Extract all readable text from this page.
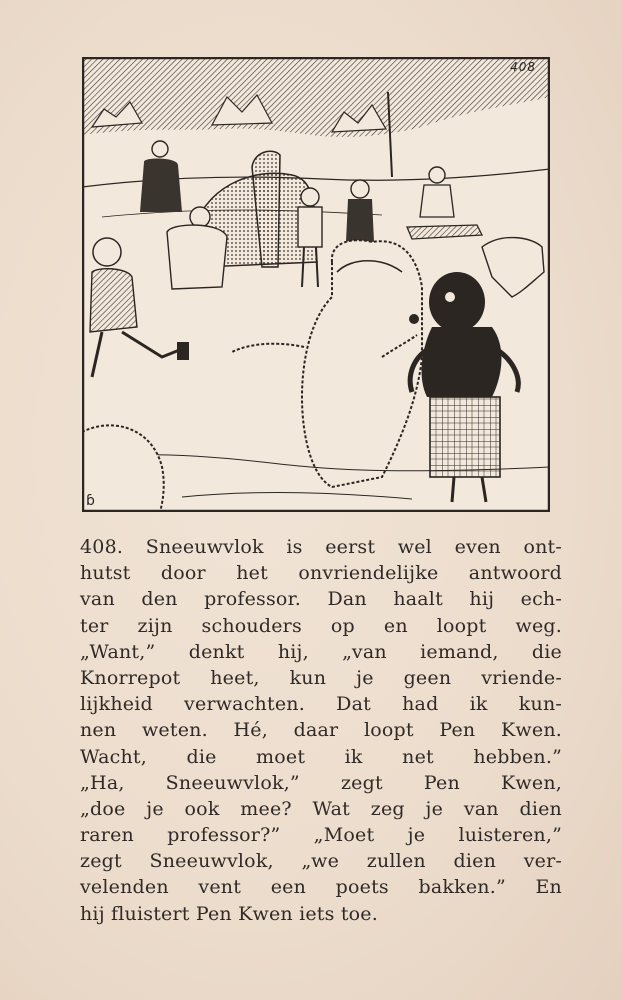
ɓ
408
408. Sneeuwvlok is eerst wel even ont-
hutst door het onvriendelijke antwoord
van den professor. Dan haalt hij ech-
ter zijn schouders op en loopt weg.
„Want,” denkt hij, „van iemand, die
Knorrepot heet, kun je geen vriende-
lijkheid verwachten. Dat had ik kun-
nen weten. Hé, daar loopt Pen Kwen.
Wacht, die moet ik net hebben.”
„Ha, Sneeuwvlok,” zegt Pen Kwen,
„doe je ook mee? Wat zeg je van dien
raren professor?” „Moet je luisteren,”
zegt Sneeuwvlok, „we zullen dien ver-
velenden vent een poets bakken.” En
hij fluistert Pen Kwen iets toe.
